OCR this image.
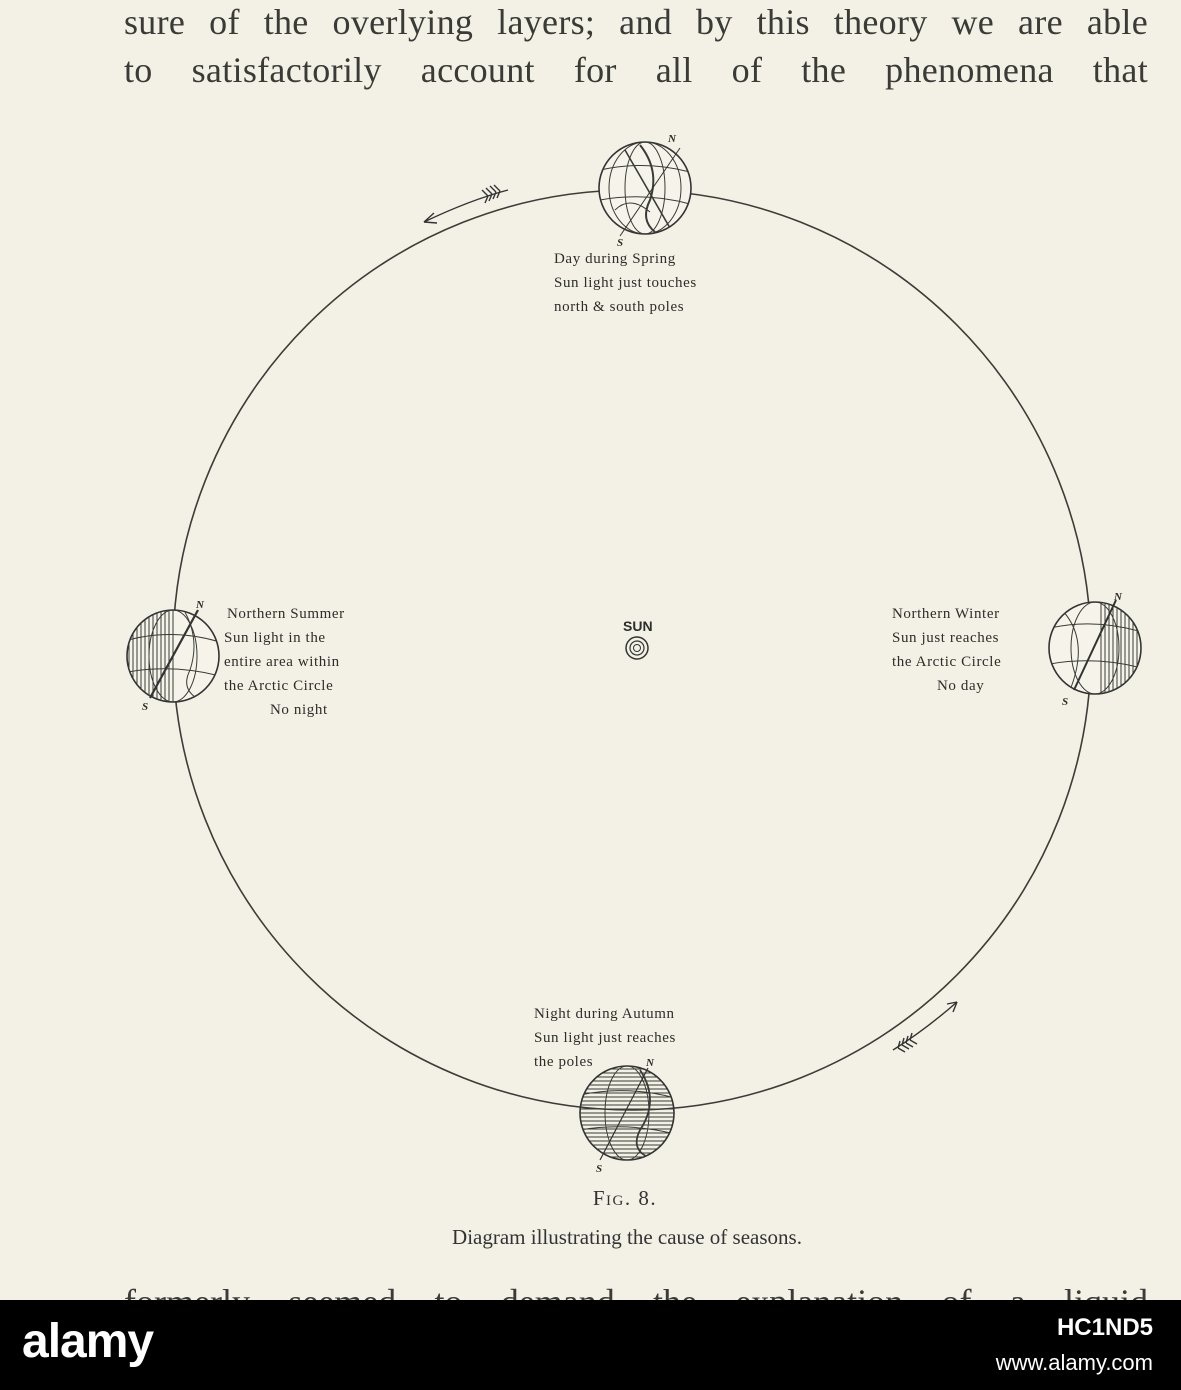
sure of the overlying layers; and by this theory we are able
to satisfactorily account for all of the phenomena that
SUN
N
S
Day during Spring Sun light just touches north & south poles
N
S
Northern Summer Sun light in the entire area within the Arctic Circle No night
N
S
Northern Winter Sun just reaches the Arctic Circle No day
N
S
Night during Autumn Sun light just reaches the poles
Fig. 8.
Diagram illustrating the cause of seasons.
alamy	HC1ND5
www.alamy.com
